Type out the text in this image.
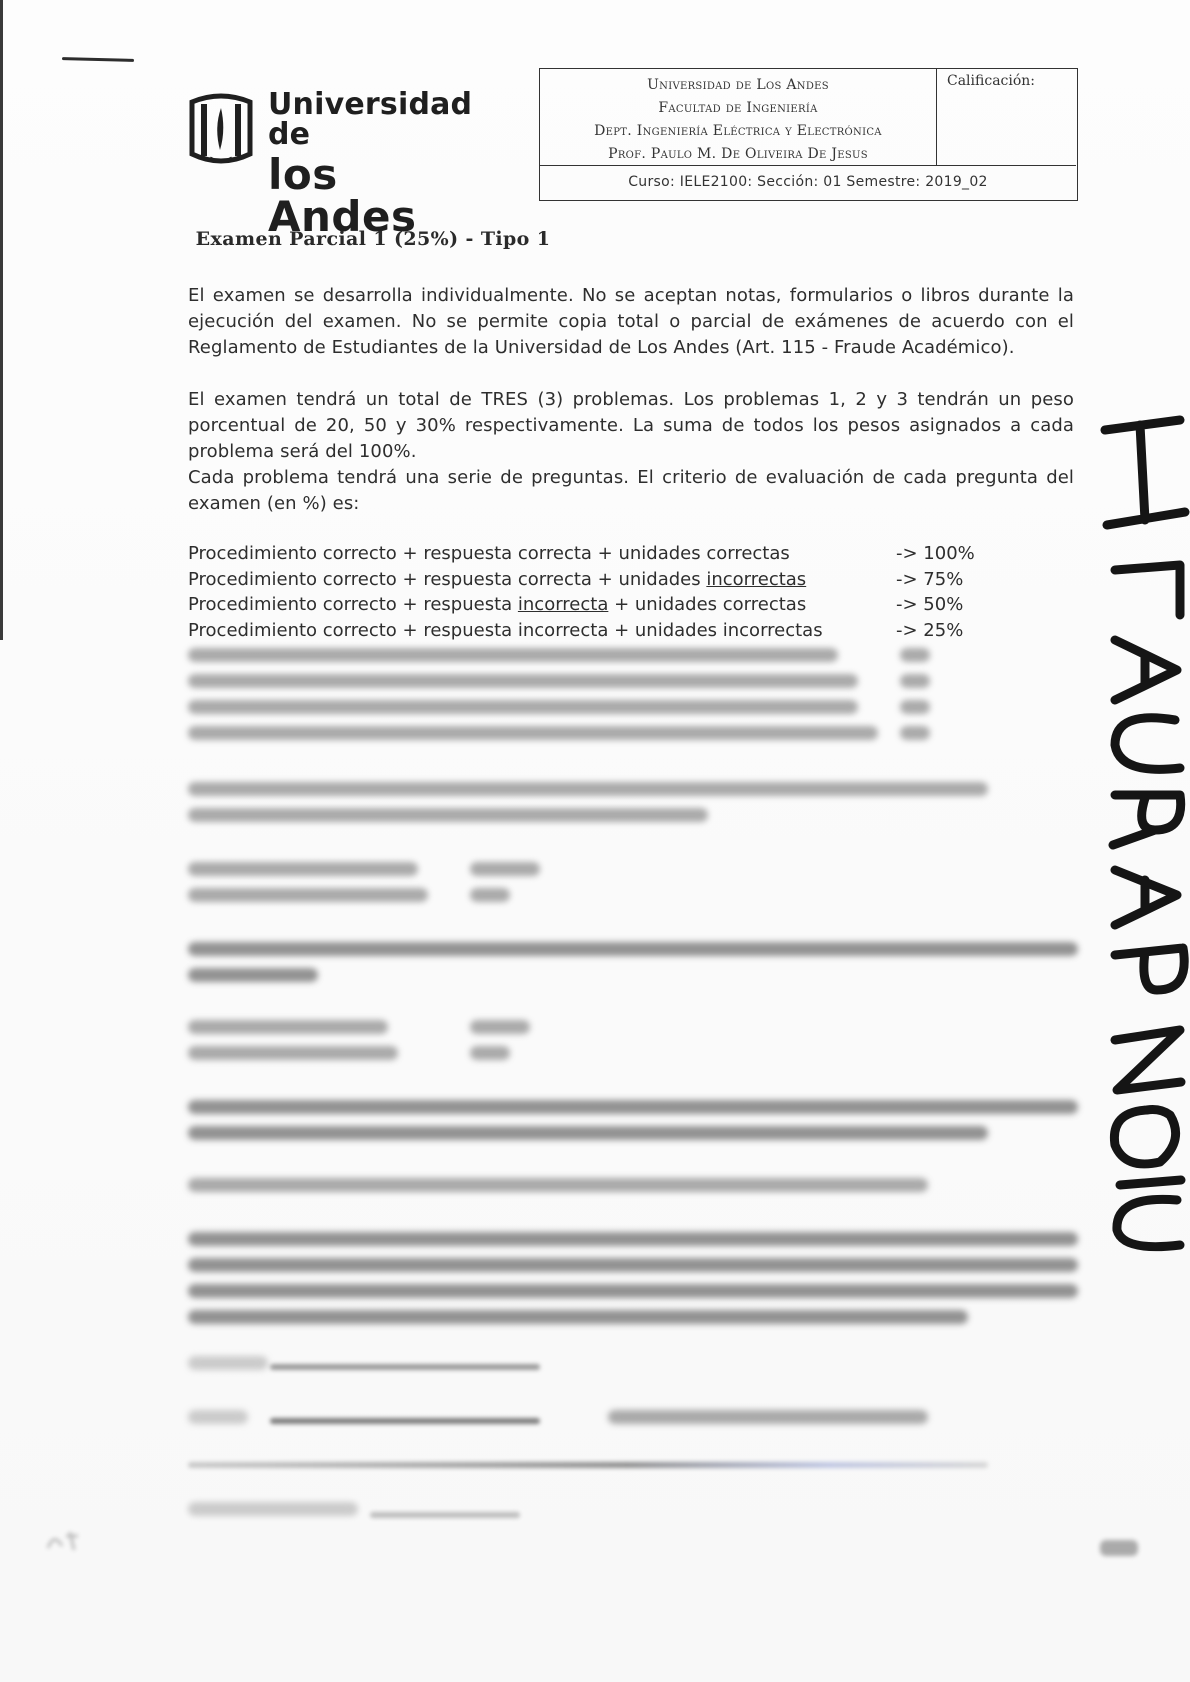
Universidad de
los Andes
Universidad de Los Andes
Facultad de Ingeniería
Dept. Ingeniería Eléctrica y Electrónica
Prof. Paulo M. De Oliveira De Jesus
Calificación:
Curso: IELE2100: Sección: 01 Semestre: 2019_02
Examen Parcial 1 (25%) - Tipo 1
El examen se desarrolla individualmente. No se aceptan notas, formularios o libros durante la ejecución del examen. No se permite copia total o parcial de exámenes de acuerdo con el Reglamento de Estudiantes de la Universidad de Los Andes (Art. 115 - Fraude Académico).
El examen tendrá un total de TRES (3) problemas. Los problemas 1, 2 y 3 tendrán un peso porcentual de 20, 50 y 30% respectivamente. La suma de todos los pesos asignados a cada problema será del 100%.
Cada problema tendrá una serie de preguntas. El criterio de evaluación de cada pregunta del examen (en %) es:
Procedimiento correcto + respuesta correcta + unidades correctas	-> 100%
Procedimiento correcto + respuesta correcta + unidades incorrectas	-> 75%
Procedimiento correcto + respuesta incorrecta + unidades correctas	-> 50%
Procedimiento correcto + respuesta incorrecta + unidades incorrectas	-> 25%
